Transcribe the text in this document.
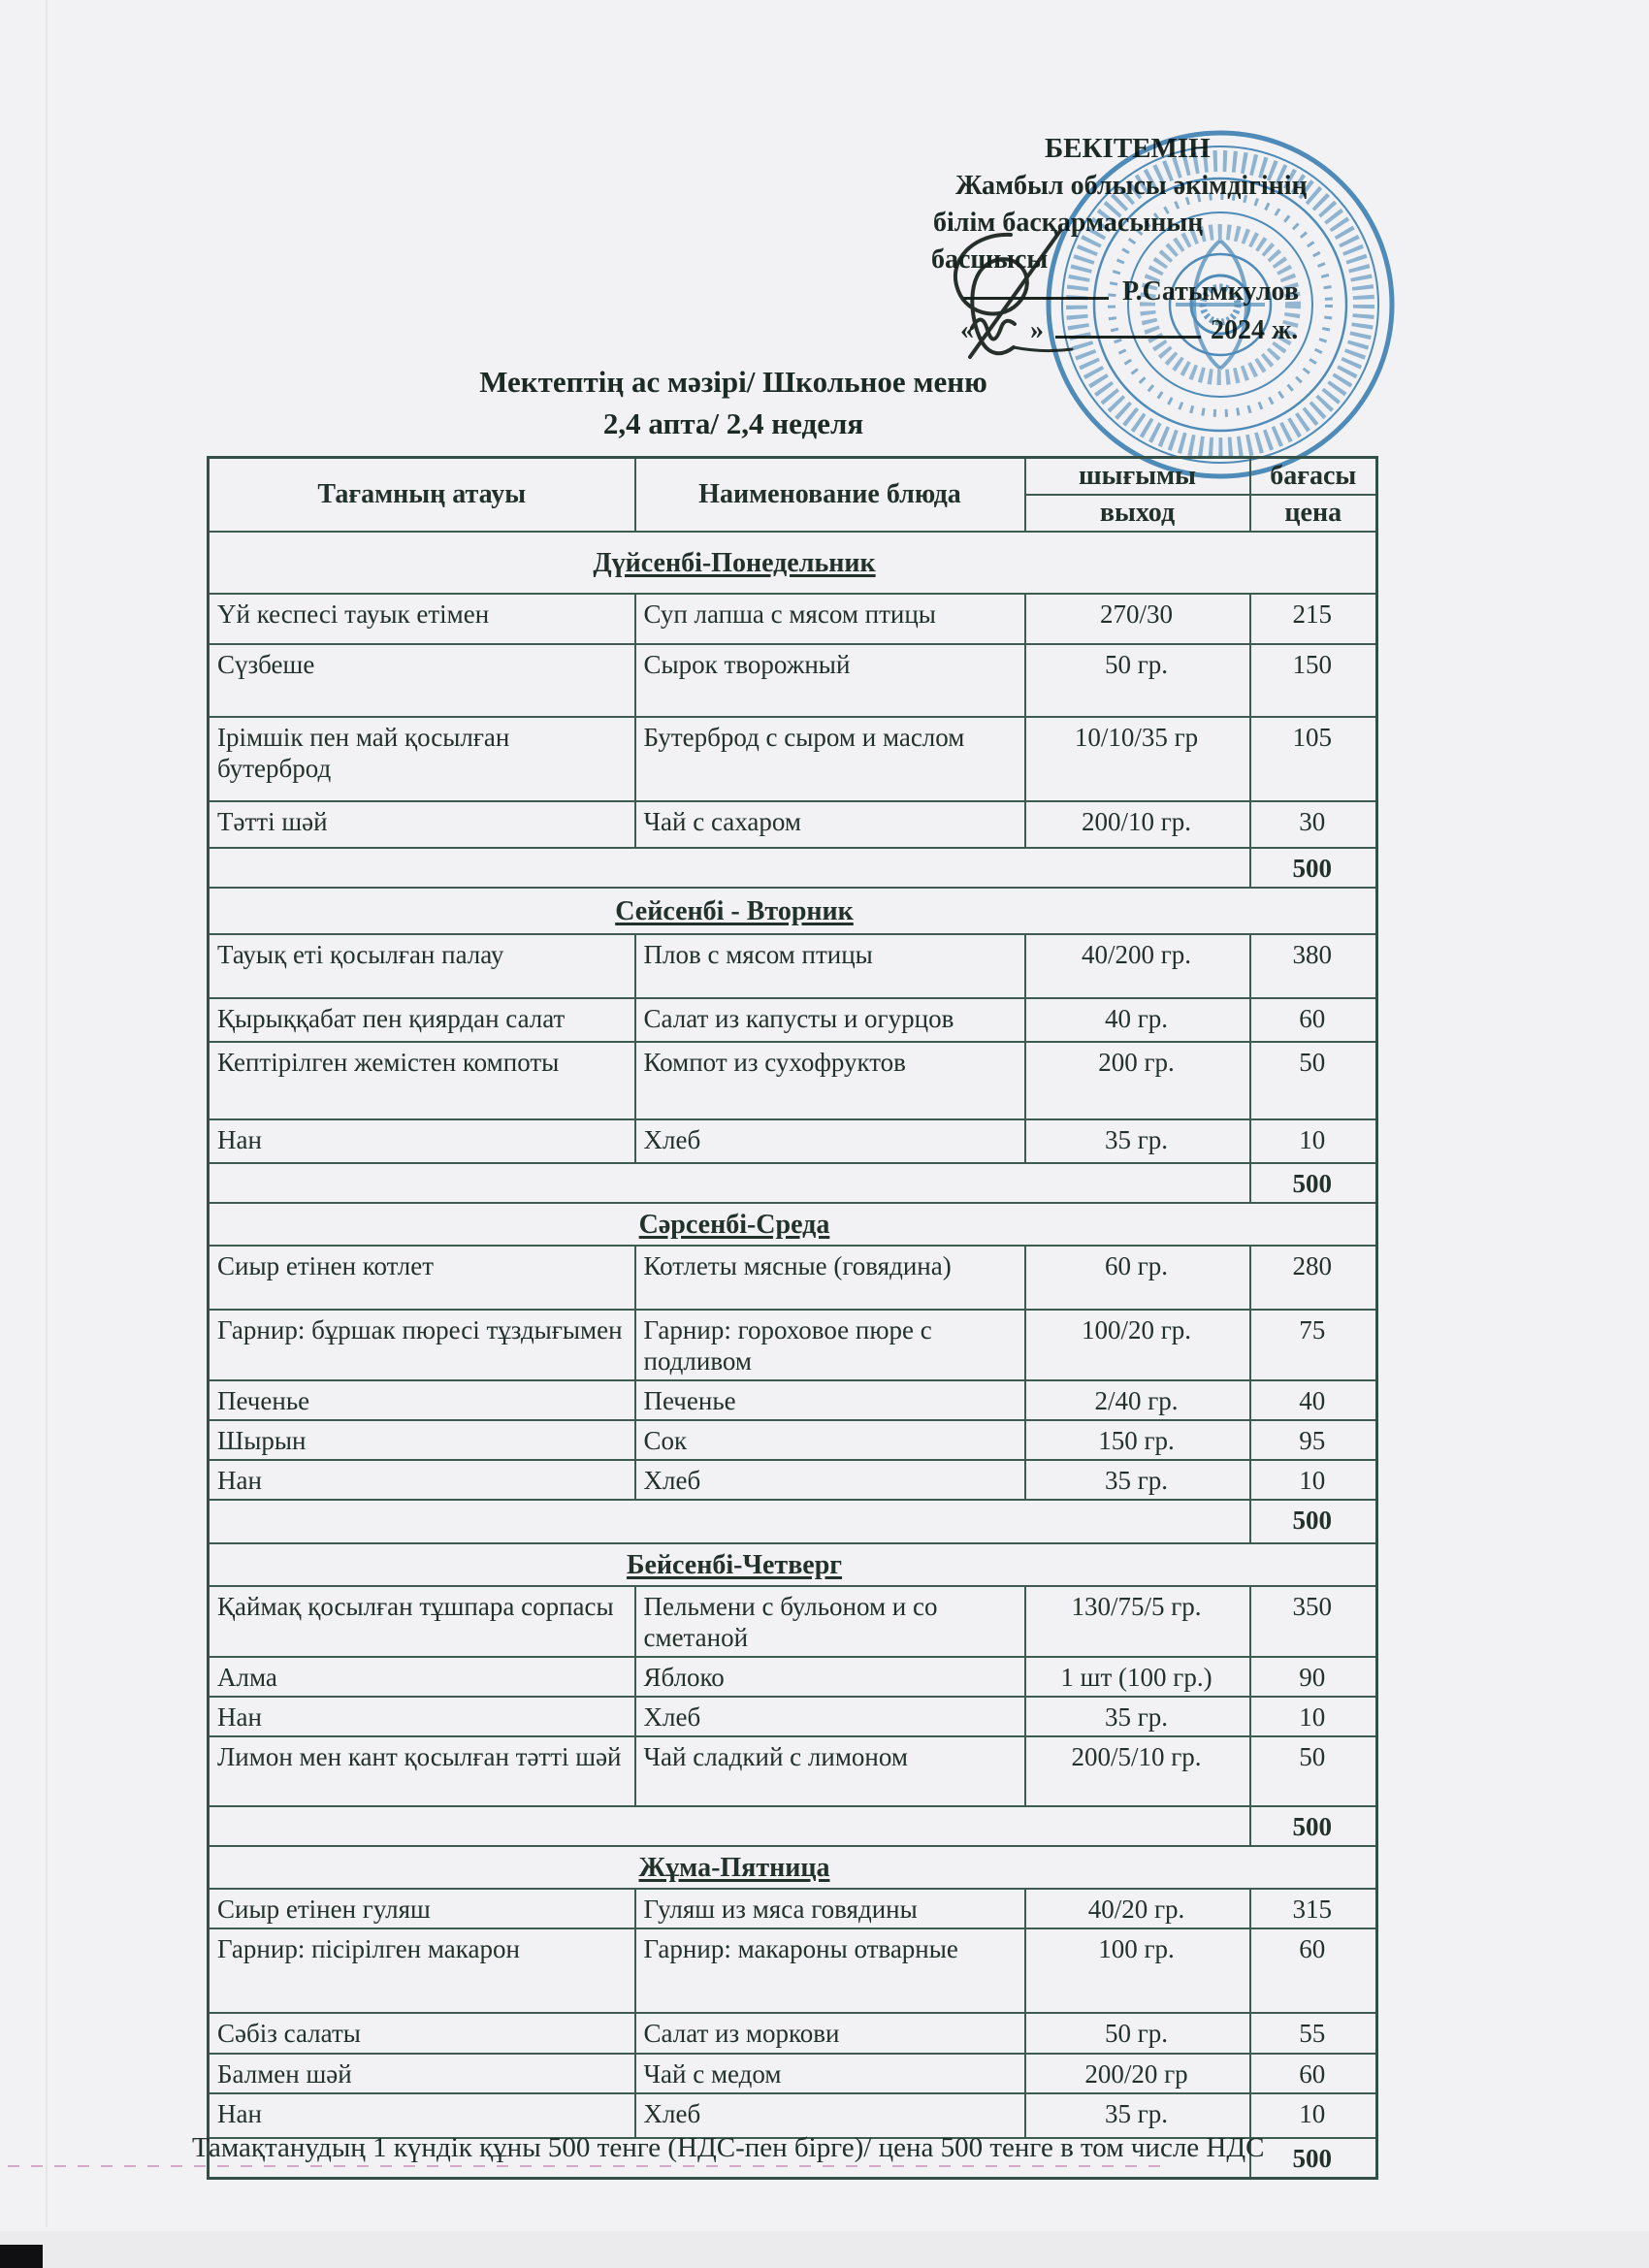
БЕКІТЕМІН
Жамбыл облысы әкімдігінің
білім басқармасының
басшысы
Р.Сатымкулов
« »	2024 ж.
Мектептің ас мәзірі/ Школьное меню
2,4 апта/ 2,4 неделя
Тағамның атауы	Наименование блюда	шығымы	бағасы
		выход	цена
Дүйсенбі-Понедельник			
Үй кеспесі тауык етімен	Суп лапша с мясом птицы	270/30	215
Сүзбеше	Сырок творожный	50 гр.	150
Ірімшік пен май қосылған бутерброд	Бутерброд с сыром и маслом	10/10/35 гр	105
Тәтті шәй	Чай с сахаром	200/10 гр.	30
			500
Сейсенбі - Вторник			
Тауық еті қосылған палау	Плов с мясом птицы	40/200 гр.	380
Қырыққабат пен қиярдан салат	Салат из капусты и огурцов	40 гр.	60
Кептірілген жемістен компоты	Компот из сухофруктов	200 гр.	50
Нан	Хлеб	35 гр.	10
			500
Сәрсенбі-Среда			
Сиыр етінен котлет	Котлеты мясные (говядина)	60 гр.	280
Гарнир: бұршак пюресі тұздығымен	Гарнир: гороховое пюре с подливом	100/20 гр.	75
Печенье	Печенье	2/40 гр.	40
Шырын	Сок	150 гр.	95
Нан	Хлеб	35 гр.	10
			500
Бейсенбі-Четверг			
Қаймақ қосылған тұшпара сорпасы	Пельмени с бульоном и со сметаной	130/75/5 гр.	350
Алма	Яблоко	1 шт (100 гр.)	90
Нан	Хлеб	35 гр.	10
Лимон мен кант қосылған тәтті шәй	Чай сладкий с лимоном	200/5/10 гр.	50
			500
Жұма-Пятница			
Сиыр етінен гуляш	Гуляш из мяса говядины	40/20 гр.	315
Гарнир: пісірілген макарон	Гарнир: макароны отварные	100 гр.	60
Сәбіз салаты	Салат из моркови	50 гр.	55
Балмен шәй	Чай с медом	200/20 гр	60
Нан	Хлеб	35 гр.	10
			500
Тамақтанудың 1 күндік құны 500 тенге (НДС-пен бірге)/ цена 500 тенге в том числе НДС
